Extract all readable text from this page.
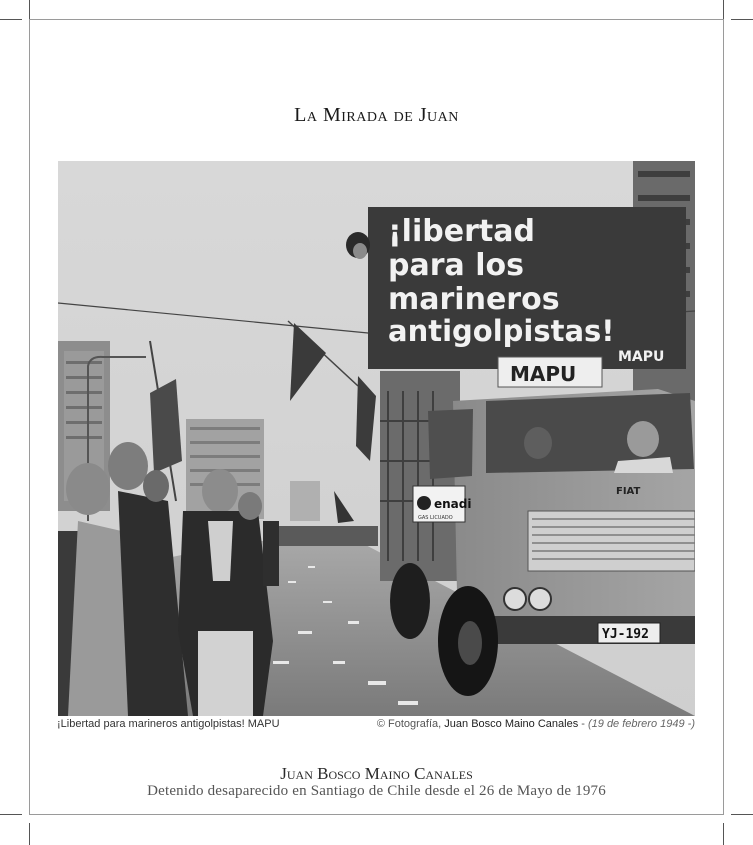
La Mirada de Juan
¡libertad
para los
marineros
antigolpistas!
MAPU
MAPU
enadi
GAS LICUADO
FIAT
YJ-192
¡Libertad para marineros antigolpistas! MAPU	© Fotografía, Juan Bosco Maino Canales - (19 de febrero 1949 -)
Juan Bosco Maino Canales
Detenido desaparecido en Santiago de Chile desde el 26 de Mayo de 1976
